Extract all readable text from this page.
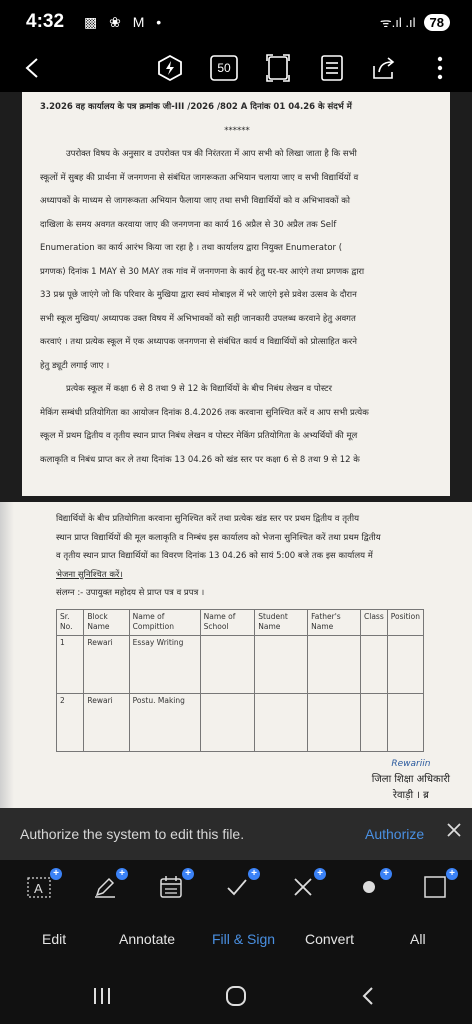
4:32 ▩ ❀ M •	ᯤ.ıl .ıl	78
50
3.2026 वह कार्यालय के पत्र क्रमांक जी-III /2026 /802 A दिनांक 01 04.26 के संदर्भ में
******
उपरोक्त विषय के अनुसार व उपरोक्त पत्र की निरंतरता में आप सभी को लिखा जाता है कि सभी
स्कूलों में सुबह की प्रार्थना में जनगणना से संबंधित जागरूकता अभियान चलाया जाए व सभी विद्यार्थियों व
अध्यापकों के माध्यम से जागरूकता अभियान फैलाया जाए तथा सभी विद्यार्थियों को व अभिभावकों को
दाखिला के समय अवगत करवाया जाए की जनगणना का कार्य 16 अप्रैल से 30 अप्रैल तक Self
Enumeration का कार्य आरंभ किया जा रहा है । तथा कार्यालय द्वारा नियुक्त Enumerator (
प्रगणक) दिनांक 1 MAY से 30 MAY तक गांव में जनगणना के कार्य हेतु घर-घर आएंगे तथा प्रगणक द्वारा
33 प्रश्न पूछे जाएंगे जो कि परिवार के मुखिया द्वारा स्वयं मोबाइल में भरे जाएंगे इसे प्रवेश उत्सव के दौरान
सभी स्कूल मुखिया/ अध्यापक उक्त विषय में अभिभावकों को सही जानकारी उपलब्ध करवाने हेतु अवगत
करवाएं । तथा प्रत्येक स्कूल में एक अध्यापक जनगणना से संबंधित कार्य व विद्यार्थियों को प्रोत्साहित करने
हेतु ड्यूटी लगाई जाए ।
प्रत्येक स्कूल में कक्षा 6 से 8 तथा 9 से 12 के विद्यार्थियों के बीच निबंध लेखन व पोस्टर
मेकिंग सम्बंधी प्रतियोगिता का आयोजन दिनांक 8.4.2026 तक करवाना सुनिश्चित करें व आप सभी प्रत्येक
स्कूल में प्रथम द्वितीय व तृतीय स्थान प्राप्त निबंध लेखन व पोस्टर मेकिंग प्रतियोगिता के अभ्यर्थियों की मूल
कलाकृति व निबंध प्राप्त कर ले तथा दिनांक 13 04.26 को खंड स्तर पर कक्षा 6 से 8 तथा 9 से 12 के
विद्यार्थियों के बीच प्रतियोगिता करवाना सुनिश्चित करें तथा प्रत्येक खंड स्तर पर प्रथम द्वितीय व तृतीय
स्थान प्राप्त विद्यार्थियों की मूल कलाकृति व निम्बंध इस कार्यालय को भेजना सुनिश्चित करें तथा प्रथम द्वितीय
व तृतीय स्थान प्राप्त विद्यार्थियों का विवरण दिनांक 13 04.26 को सायं 5:00 बजे तक इस कार्यालय में
भेजना सुनिश्चित करें।
संलग्न :- उपायुक्त महोदय से प्राप्त पत्र व प्रपत्र ।
Sr. No.	Block Name	Name of Compittion	Name of School	Student Name	Father's Name	Class	Position
1	Rewari	Essay Writing					
2	Rewari	Postu. Making					
Rewariin
जिला शिक्षा अधिकारी
रेवाड़ी । ब्र
Authorize the system to edit this file.	Authorize
A
+	+	+	+	+	+	+
Edit	Annotate	Fill & Sign Convert	All
